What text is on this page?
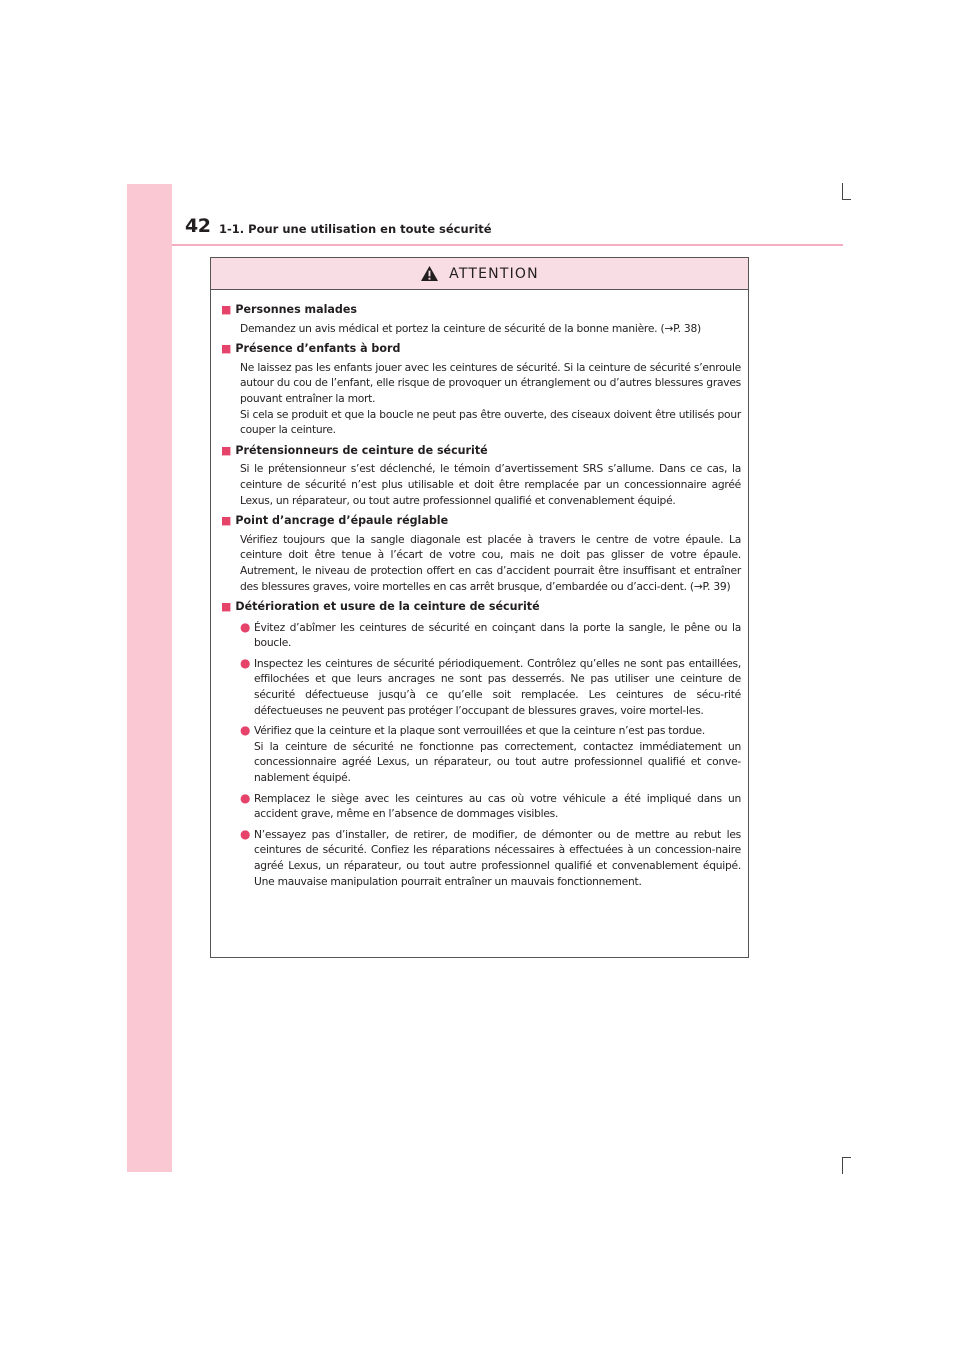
42 1-1. Pour une utilisation en toute sécurité
ATTENTION
■ Personnes malades
Demandez un avis médical et portez la ceinture de sécurité de la bonne manière. (→P. 38)
■ Présence d’enfants à bord
Ne laissez pas les enfants jouer avec les ceintures de sécurité. Si la ceinture de sécurité s’enroule autour du cou de l’enfant, elle risque de provoquer un étranglement ou d’autres blessures graves pouvant entraîner la mort.
Si cela se produit et que la boucle ne peut pas être ouverte, des ciseaux doivent être utilisés pour couper la ceinture.
■ Prétensionneurs de ceinture de sécurité
Si le prétensionneur s’est déclenché, le témoin d’avertissement SRS s’allume. Dans ce cas, la ceinture de sécurité n’est plus utilisable et doit être remplacée par un concessionnaire agréé Lexus, un réparateur, ou tout autre professionnel qualifié et convenablement équipé.
■ Point d’ancrage d’épaule réglable
Vérifiez toujours que la sangle diagonale est placée à travers le centre de votre épaule. La ceinture doit être tenue à l’écart de votre cou, mais ne doit pas glisser de votre épaule. Autrement, le niveau de protection offert en cas d’accident pourrait être insuffisant et entraîner des blessures graves, voire mortelles en cas arrêt brusque, d’embardée ou d’acci-dent. (→P. 39)
■ Détérioration et usure de la ceinture de sécurité
● Évitez d’abîmer les ceintures de sécurité en coinçant dans la porte la sangle, le pêne ou la boucle.
● Inspectez les ceintures de sécurité périodiquement. Contrôlez qu’elles ne sont pas entaillées, effilochées et que leurs ancrages ne sont pas desserrés. Ne pas utiliser une ceinture de sécurité défectueuse jusqu’à ce qu’elle soit remplacée. Les ceintures de sécu-rité défectueuses ne peuvent pas protéger l’occupant de blessures graves, voire mortel-les.
● Vérifiez que la ceinture et la plaque sont verrouillées et que la ceinture n’est pas tordue.
Si la ceinture de sécurité ne fonctionne pas correctement, contactez immédiatement un concessionnaire agréé Lexus, un réparateur, ou tout autre professionnel qualifié et conve-nablement équipé.
● Remplacez le siège avec les ceintures au cas où votre véhicule a été impliqué dans un accident grave, même en l’absence de dommages visibles.
● N’essayez pas d’installer, de retirer, de modifier, de démonter ou de mettre au rebut les ceintures de sécurité. Confiez les réparations nécessaires à effectuées à un concession-naire agréé Lexus, un réparateur, ou tout autre professionnel qualifié et convenablement équipé. Une mauvaise manipulation pourrait entraîner un mauvais fonctionnement.
